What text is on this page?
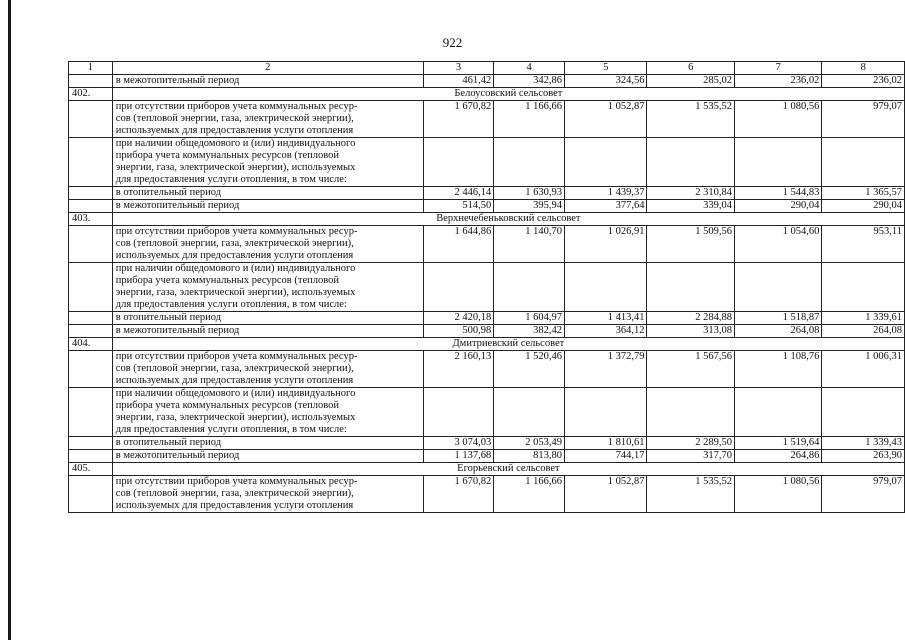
922
1	2	3	4	5	6	7	8
	в межотопительный период	461,42	342,86	324,56	285,02	236,02	236,02
402.	Белоусовский сельсовет						

	при отсутствии приборов учета коммунальных ресур-
сов (тепловой энергии, газа, электрической энергии),
используемых для предоставления услуги отопления	1 670,82	1 166,66	1 052,87	1 535,52	1 080,56	979,07

	при наличии общедомового и (или) индивидуального
прибора учета коммунальных ресурсов (тепловой
энергии, газа, электрической энергии), используемых
для предоставления услуги отопления, в том числе:						

	в отопительный период	2 446,14	1 630,93	1 439,37	2 310,84	1 544,83	1 365,57
	в межотопительный период	514,50	395,94	377,64	339,04	290,04	290,04
403.	Верхнечебеньковский сельсовет						

	при отсутствии приборов учета коммунальных ресур-
сов (тепловой энергии, газа, электрической энергии),
используемых для предоставления услуги отопления	1 644,86	1 140,70	1 026,91	1 509,56	1 054,60	953,11

	при наличии общедомового и (или) индивидуального
прибора учета коммунальных ресурсов (тепловой
энергии, газа, электрической энергии), используемых
для предоставления услуги отопления, в том числе:						

	в отопительный период	2 420,18	1 604,97	1 413,41	2 284,88	1 518,87	1 339,61
	в межотопительный период	500,98	382,42	364,12	313,08	264,08	264,08
404.	Дмитриевский сельсовет						

	при отсутствии приборов учета коммунальных ресур-
сов (тепловой энергии, газа, электрической энергии),
используемых для предоставления услуги отопления	2 160,13	1 520,46	1 372,79	1 567,56	1 108,76	1 006,31

	при наличии общедомового и (или) индивидуального
прибора учета коммунальных ресурсов (тепловой
энергии, газа, электрической энергии), используемых
для предоставления услуги отопления, в том числе:						

	в отопительный период	3 074,03	2 053,49	1 810,61	2 289,50	1 519,64	1 339,43
	в межотопительный период	1 137,68	813,80	744,17	317,70	264,86	263,90
405.	Егорьевский сельсовет						

	при отсутствии приборов учета коммунальных ресур-
сов (тепловой энергии, газа, электрической энергии),
используемых для предоставления услуги отопления	1 670,82	1 166,66	1 052,87	1 535,52	1 080,56	979,07
